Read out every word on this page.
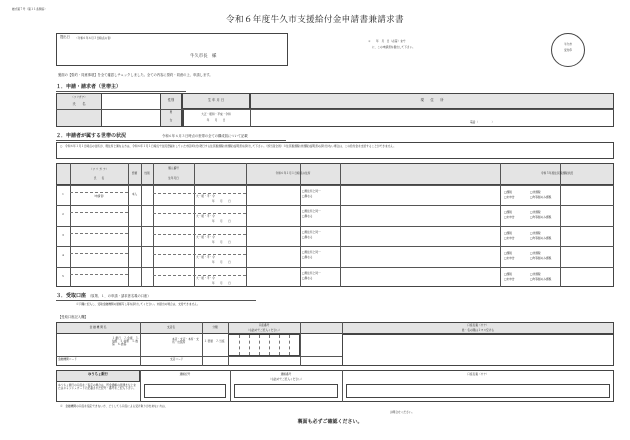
様式第７号（第１１条関係）
令和６年度牛久市支援給付金申請書兼請求書
提出日 （令和６年６月３日時点の者）
牛久市長　様
＊　　年　月　日（必着）まで
に、この申請書を提出して下さい。
牛久市
受付印
裏面の【誓約・同意事項】を全て確認しチェックしました。全ての内容に誓約・同意の上、申請します。
１．申請・請求者（世帯主）
（フリガナ）
氏　　名
性別	生 年 月 日	現　　住　　所
男
女
大正・昭和・平成・令和
年　　月　　日	電話（　　　　　）
２．申請者が属する世帯の状況	令和６年６月３日時点の世帯の全ての構成員について記載
○　令和６年１月１日時点の住所が、現住所と異なる方は、令和６年１月１日時点で住民登録をしていた市区町村が発行する住民税課税(非課税)証明書を添付して下さい。（該当者全員）※住民税課税(非課税)証明書の添付がない場合は、この給付金を支給することができません。
（フ リ ガ ナ）
氏　　名
続柄	性別
個人番号
生年月日
令和６年１月１日時点の住所	令和５年度住民税課税状況
1	（申請者）	本人	大・昭・平・令
年　　月　　日
□現住所と同一
□異なる
□課税	□非課税
□未申告	□均等割のみ課税
2	大・昭・平・令
年　　月　　日
□現住所と同一
□異なる
□課税	□非課税
□未申告	□均等割のみ課税
3	大・昭・平・令
年　　月　　日
□現住所と同一
□異なる
□課税	□非課税
□未申告	□均等割のみ課税
4	大・昭・平・令
年　　月　　日
□現住所と同一
□異なる
□課税	□非課税
□未申告	□均等割のみ課税
5	大・昭・平・令
年　　月　　日
□現住所と同一
□異なる
□課税	□非課税
□未申告	□均等割のみ課税
３．受取口座 （原則、１．の申請・請求者名義の口座）
※下欄に記入し、受取金融機関の通帳写し等を添付してください。未提出の場合は、支給できません。
【受取口座記入欄】
金 融 機 関 名	支店名	分類	口座番号
（右詰めでご記入ください）
口座名義（カナ）
姓・名の間は１マス空ける
１.銀行　２.金庫　３.信組　４.信連　５.農協　６.漁協
本店・支店・本所・支所・出張所	１.普通　２.当座
金融機関コード	支店コード
ゆうちょ銀行
ゆうちょ銀行の口座をご指定の場合は、貯金通帳の見開き左上またはキャッシュカードに記載された記号・番号をご記入下さい。
通帳記号	通帳番号
（右詰めでご記入ください）
口座名義（カナ）
※　金融機関の口座を指定できない方、どうしても口座による受け取りが出来ない方は、
お問合せください。
裏面も必ずご確認ください。
